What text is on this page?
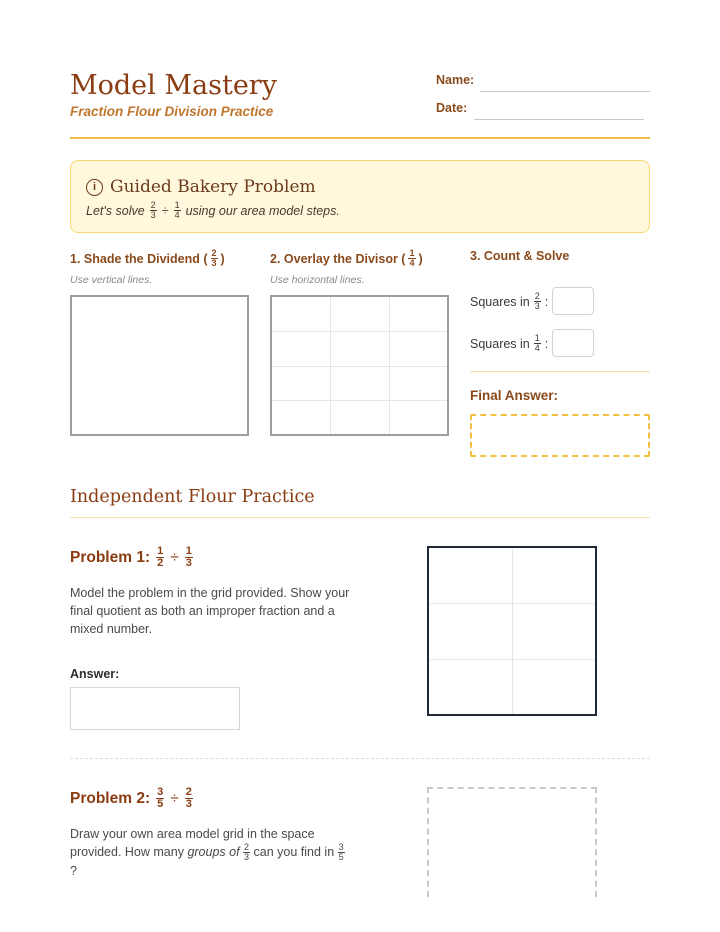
Model Mastery
Fraction Flour Division Practice
Name:
Date:
i Guided Bakery Problem
Let's solve $\frac{2}{3} \div \frac{1}{4}$ using our area model steps.
1. Shade the Dividend ( $\frac{2}{3}$ )
Use vertical lines.
2. Overlay the Divisor ( $\frac{1}{4}$ )
Use horizontal lines.
3. Count & Solve
Squares in $\frac{2}{3}$ :
Squares in $\frac{1}{4}$ :
Final Answer:
Independent Flour Practice
Problem 1: $\frac{1}{2} \div \frac{1}{3}$
Model the problem in the grid provided. Show your final quotient as both an improper fraction and a mixed number.
Answer:
Problem 2: $\frac{3}{5} \div \frac{2}{3}$
Draw your own area model grid in the space provided. How many groups of $\frac{2}{3}$ can you find in $\frac{3}{5}$
?
